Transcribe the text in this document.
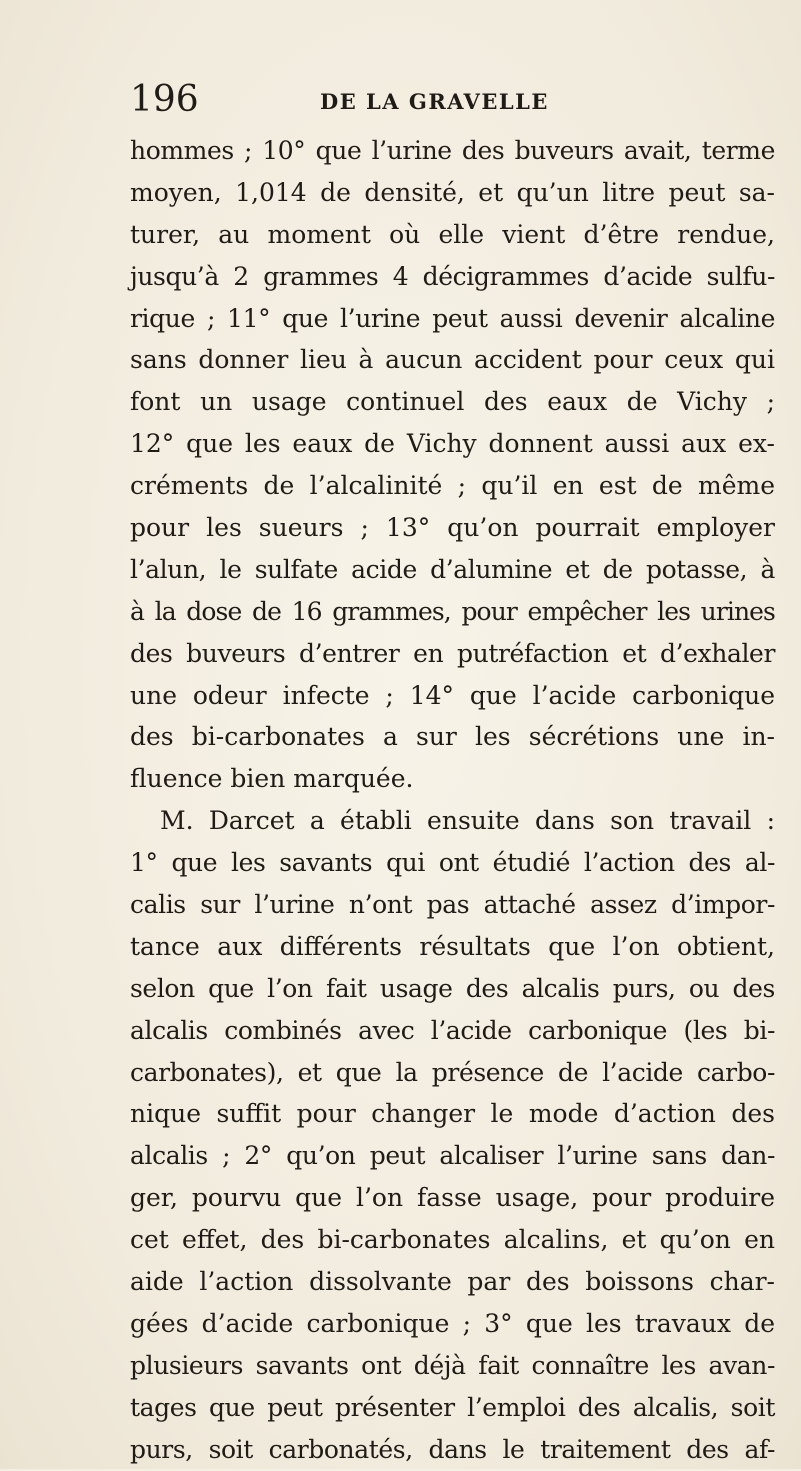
196	DE LA GRAVELLE
hommes ; 10° que l’urine des buveurs avait, terme
moyen, 1,014 de densité, et qu’un litre peut sa-
turer, au moment où elle vient d’être rendue,
jusqu’à 2 grammes 4 décigrammes d’acide sulfu-
rique ; 11° que l’urine peut aussi devenir alcaline
sans donner lieu à aucun accident pour ceux qui
font un usage continuel des eaux de Vichy ;
12° que les eaux de Vichy donnent aussi aux ex-
créments de l’alcalinité ; qu’il en est de même
pour les sueurs ; 13° qu’on pourrait employer
l’alun, le sulfate acide d’alumine et de potasse, à
à la dose de 16 grammes, pour empêcher les urines
des buveurs d’entrer en putréfaction et d’exhaler
une odeur infecte ; 14° que l’acide carbonique
des bi-carbonates a sur les sécrétions une in-
fluence bien marquée.
M. Darcet a établi ensuite dans son travail :
1° que les savants qui ont étudié l’action des al-
calis sur l’urine n’ont pas attaché assez d’impor-
tance aux différents résultats que l’on obtient,
selon que l’on fait usage des alcalis purs, ou des
alcalis combinés avec l’acide carbonique (les bi-
carbonates), et que la présence de l’acide carbo-
nique suffit pour changer le mode d’action des
alcalis ; 2° qu’on peut alcaliser l’urine sans dan-
ger, pourvu que l’on fasse usage, pour produire
cet effet, des bi-carbonates alcalins, et qu’on en
aide l’action dissolvante par des boissons char-
gées d’acide carbonique ; 3° que les travaux de
plusieurs savants ont déjà fait connaître les avan-
tages que peut présenter l’emploi des alcalis, soit
purs, soit carbonatés, dans le traitement des af-
